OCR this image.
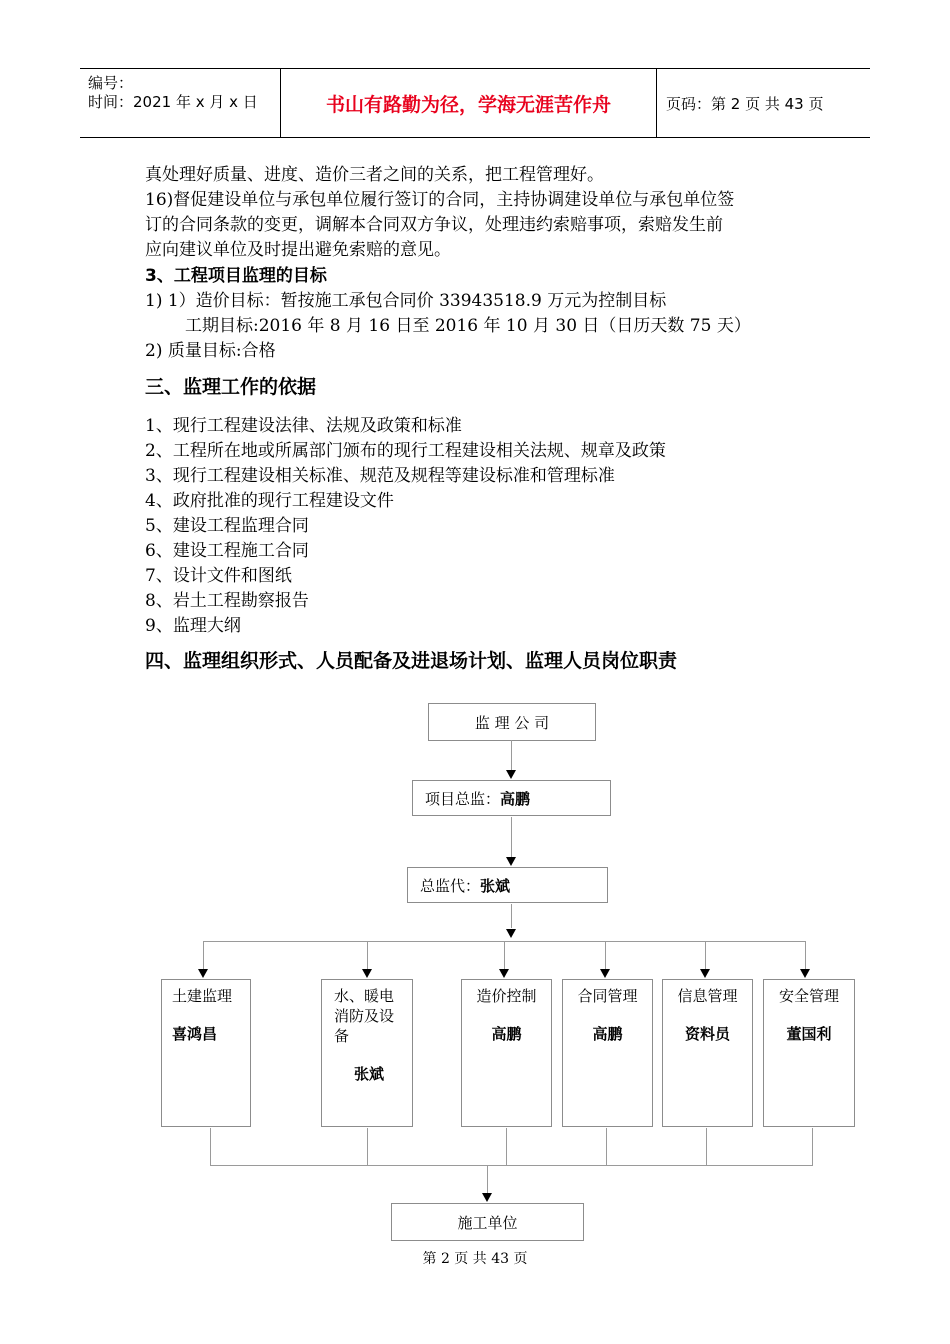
编号：
时间：2021 年 x 月 x 日	书山有路勤为径，学海无涯苦作舟	页码：第 2 页 共 43 页
真处理好质量、进度、造价三者之间的关系，把工程管理好。
16)督促建设单位与承包单位履行签订的合同，主持协调建设单位与承包单位签
订的合同条款的变更，调解本合同双方争议，处理违约索赔事项，索赔发生前
应向建议单位及时提出避免索赔的意见。
3、工程项目监理的目标
1) 1）造价目标：暂按施工承包合同价 33943518.9 万元为控制目标
工期目标:2016 年 8 月 16 日至 2016 年 10 月 30 日（日历天数 75 天）
2) 质量目标:合格
三、监理工作的依据
1、现行工程建设法律、法规及政策和标准
2、工程所在地或所属部门颁布的现行工程建设相关法规、规章及政策
3、现行工程建设相关标准、规范及规程等建设标准和管理标准
4、政府批准的现行工程建设文件
5、建设工程监理合同
6、建设工程施工合同
7、设计文件和图纸
8、岩土工程勘察报告
9、监理大纲
四、监理组织形式、人员配备及进退场计划、监理人员岗位职责
监 理 公 司
项目总监： 高鹏
总监代： 张斌
土建监理
喜鸿昌
水、暖电消防及设备
张斌
造价控制
高鹏
合同管理
高鹏
信息管理
资料员
安全管理
董国利
施工单位
第 2 页 共 43 页
